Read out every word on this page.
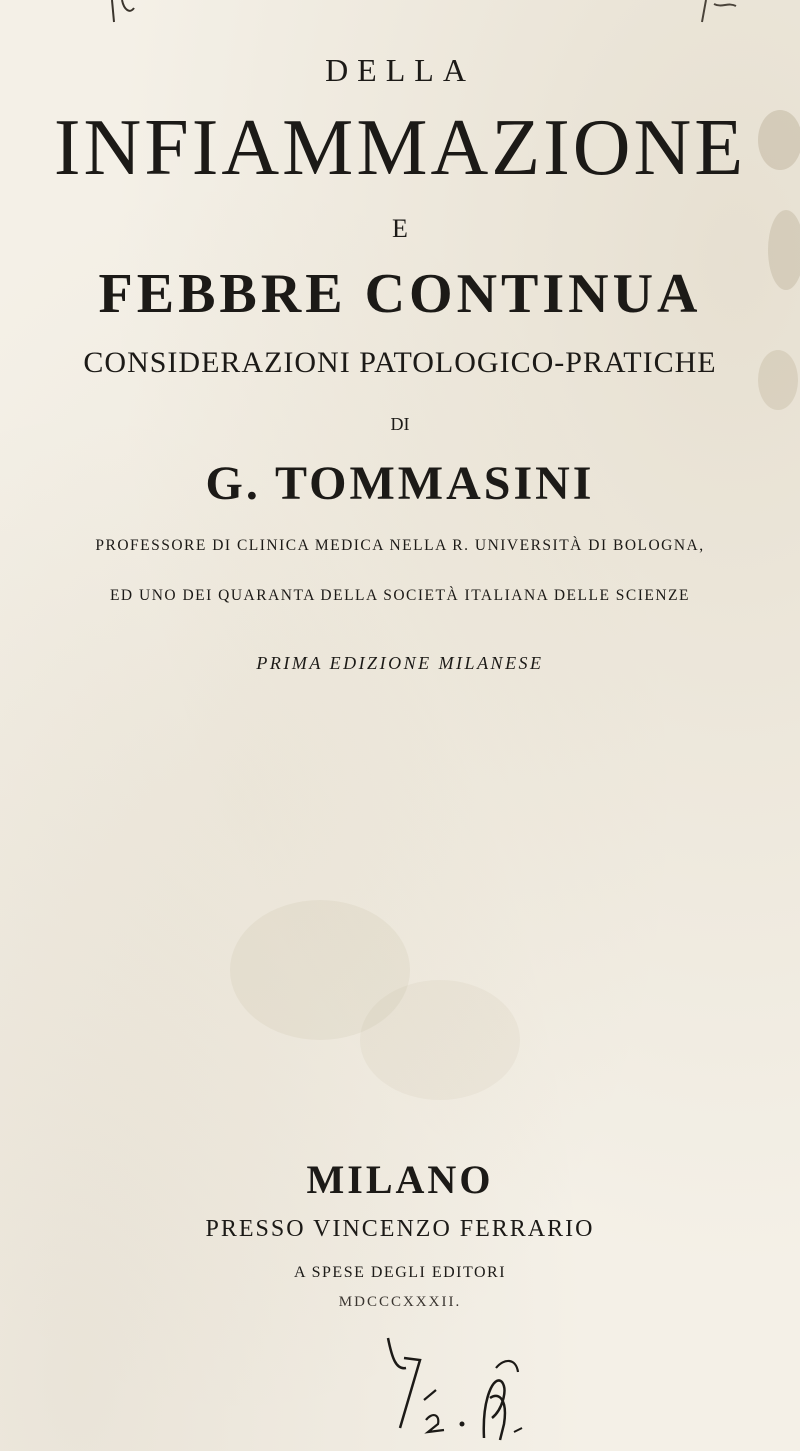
DELLA
INFIAMMAZIONE
E
FEBBRE CONTINUA
CONSIDERAZIONI PATOLOGICO-PRATICHE
DI
G. TOMMASINI
PROFESSORE DI CLINICA MEDICA NELLA R. UNIVERSITÀ DI BOLOGNA,
ED UNO DEI QUARANTA DELLA SOCIETÀ ITALIANA DELLE SCIENZE
PRIMA EDIZIONE MILANESE
MILANO
PRESSO VINCENZO FERRARIO
A SPESE DEGLI EDITORI
MDCCCXXXII.
